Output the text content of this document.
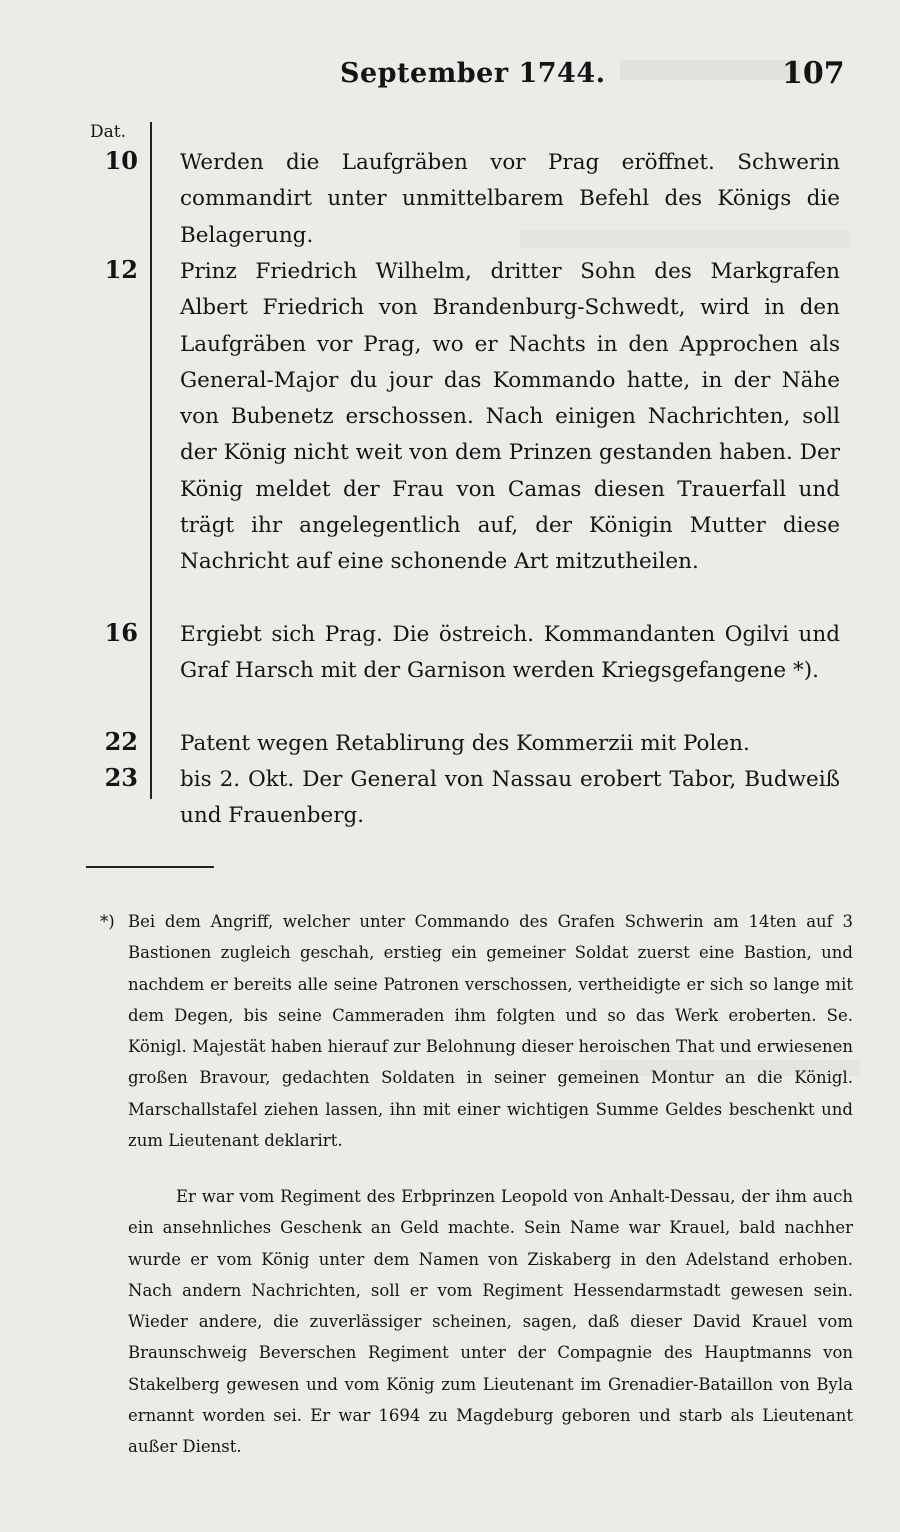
September 1744.	107
Dat.
10 Werden die Laufgräben vor Prag eröffnet. Schwerin commandirt unter unmittelbarem Befehl des Königs die Belagerung.
12 Prinz Friedrich Wilhelm, dritter Sohn des Markgrafen Albert Friedrich von Brandenburg-Schwedt, wird in den Laufgräben vor Prag, wo er Nachts in den Approchen als General-Major du jour das Kommando hatte, in der Nähe von Bubenetz erschossen. Nach einigen Nachrichten, soll der König nicht weit von dem Prinzen gestanden haben. Der König meldet der Frau von Camas diesen Trauerfall und trägt ihr angelegentlich auf, der Königin Mutter diese Nachricht auf eine schonende Art mitzutheilen.
16 Ergiebt sich Prag. Die östreich. Kommandanten Ogilvi und Graf Harsch mit der Garnison werden Kriegsgefangene *).
22 Patent wegen Retablirung des Kommerzii mit Polen.
23 bis 2. Okt. Der General von Nassau erobert Tabor, Budweiß und Frauenberg.
*) Bei dem Angriff, welcher unter Commando des Grafen Schwerin am 14ten auf 3 Bastionen zugleich geschah, erstieg ein gemeiner Soldat zuerst eine Bastion, und nachdem er bereits alle seine Patronen verschossen, vertheidigte er sich so lange mit dem Degen, bis seine Cammeraden ihm folgten und so das Werk eroberten. Se. Königl. Majestät haben hierauf zur Belohnung dieser heroischen That und erwiesenen großen Bravour, gedachten Soldaten in seiner gemeinen Montur an die Königl. Marschallstafel ziehen lassen, ihn mit einer wichtigen Summe Geldes beschenkt und zum Lieutenant deklarirt.
Er war vom Regiment des Erbprinzen Leopold von Anhalt-Dessau, der ihm auch ein ansehnliches Geschenk an Geld machte. Sein Name war Krauel, bald nachher wurde er vom König unter dem Namen von Ziskaberg in den Adelstand erhoben. Nach andern Nachrichten, soll er vom Regiment Hessendarmstadt gewesen sein. Wieder andere, die zuverlässiger scheinen, sagen, daß dieser David Krauel vom Braunschweig Beverschen Regiment unter der Compagnie des Hauptmanns von Stakelberg gewesen und vom König zum Lieutenant im Grenadier-Bataillon von Byla ernannt worden sei. Er war 1694 zu Magdeburg geboren und starb als Lieutenant außer Dienst.
